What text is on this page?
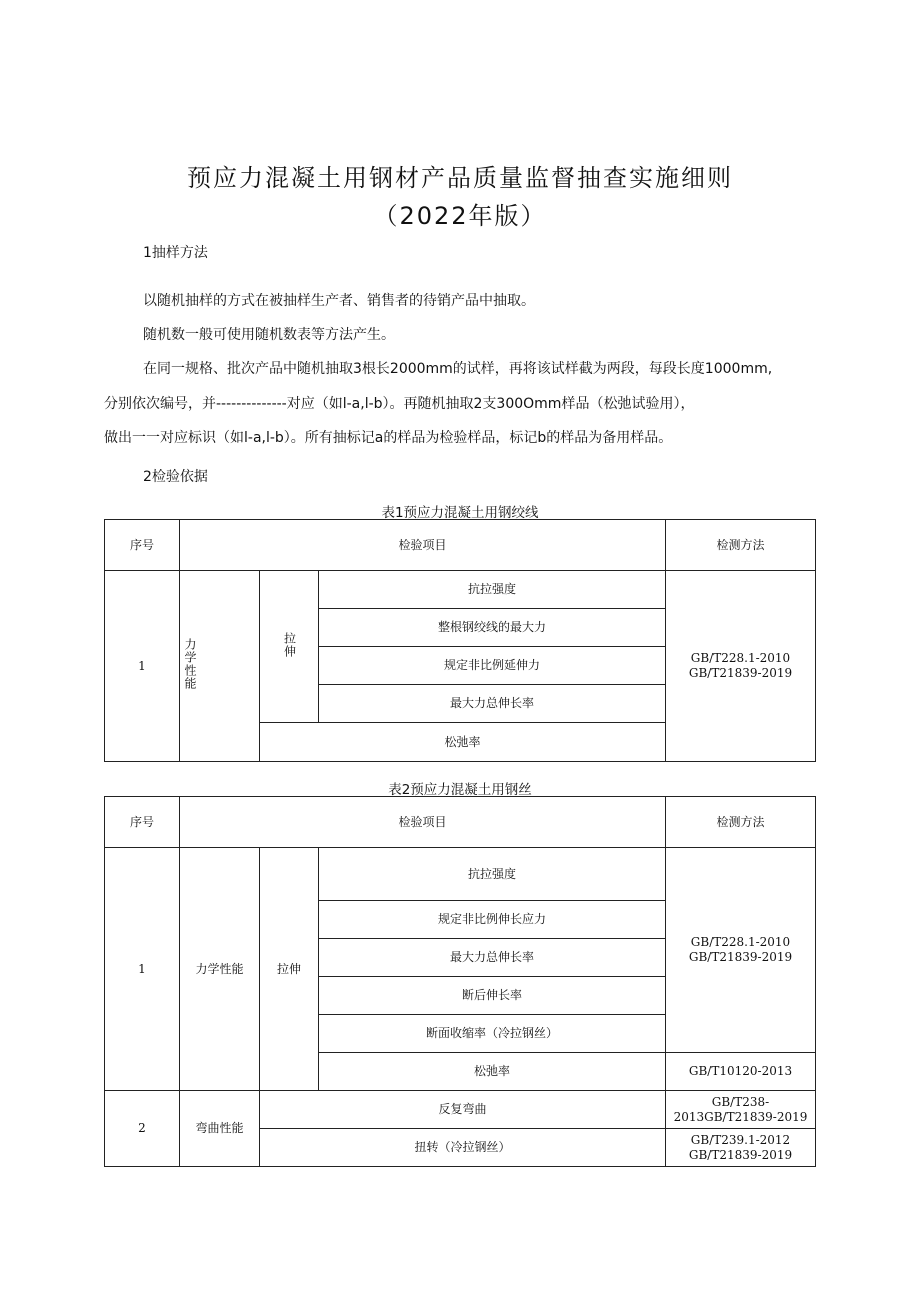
预应力混凝土用钢材产品质量监督抽查实施细则
（2022年版）
1抽样方法
以随机抽样的方式在被抽样生产者、销售者的待销产品中抽取。
随机数一般可使用随机数表等方法产生。
在同一规格、批次产品中随机抽取3根长2000mm的试样，再将该试样截为两段，每段长度1000mm,
分别依次编号，并--------------对应（如l-a,l-b）。再随机抽取2支300Omm样品（松弛试验用），
做出一一对应标识（如l-a,l-b）。所有抽标记a的样品为检验样品，标记b的样品为备用样品。
2检验依据
表1预应力混凝土用钢绞线
序号	检验项目			检测方法
1	力学性能	拉伸	抗拉强度	GB/T228.1-2010
GB/T21839-2019

			整根钢绞线的最大力	
			规定非比例延伸力	
			最大力总伸长率	
		松弛率		
表2预应力混凝土用钢丝
序号	检验项目			检测方法
1	力学性能	拉伸	抗拉强度	GB/T228.1-2010
GB/T21839-2019

			规定非比例伸长应力	
			最大力总伸长率	
			断后伸长率	
			断面收缩率（冷拉钢丝）	
			松弛率	GB/T10120-2013
2	弯曲性能	反复弯曲		GB/T238-
2013GB/T21839-2019

		扭转（冷拉钢丝）		GB/T239.1-2012
GB/T21839-2019
